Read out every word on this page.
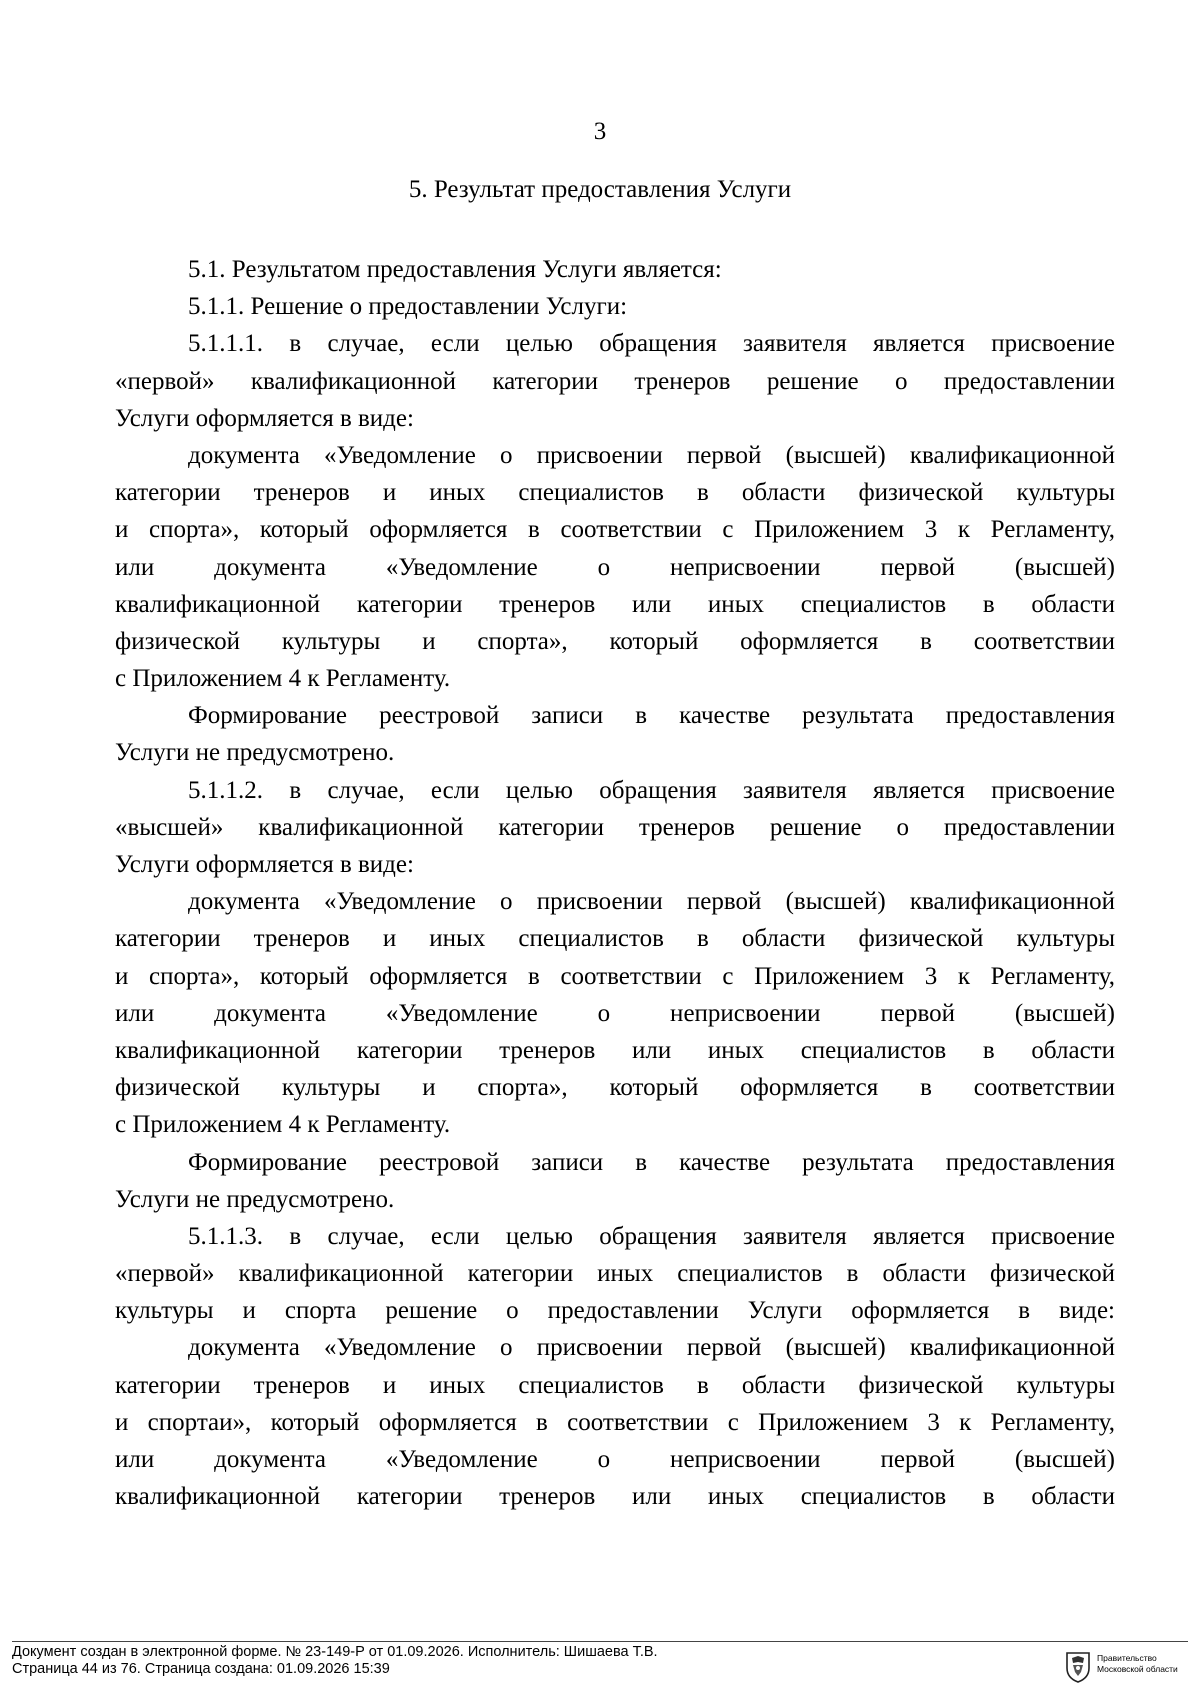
3
5. Результат предоставления Услуги
5.1. Результатом предоставления Услуги является:
5.1.1. Решение о предоставлении Услуги:
5.1.1.1. в случае, если целью обращения заявителя является присвоение
«первой» квалификационной категории тренеров решение о предоставлении
Услуги оформляется в виде:
документа «Уведомление о присвоении первой (высшей) квалификационной
категории тренеров и иных специалистов в области физической культуры
и спорта», который оформляется в соответствии с Приложением 3 к Регламенту,
или документа «Уведомление о неприсвоении первой (высшей)
квалификационной категории тренеров или иных специалистов в области
физической культуры и спорта», который оформляется в соответствии
с Приложением 4 к Регламенту.
Формирование реестровой записи в качестве результата предоставления
Услуги не предусмотрено.
5.1.1.2. в случае, если целью обращения заявителя является присвоение
«высшей» квалификационной категории тренеров решение о предоставлении
Услуги оформляется в виде:
документа «Уведомление о присвоении первой (высшей) квалификационной
категории тренеров и иных специалистов в области физической культуры
и спорта», который оформляется в соответствии с Приложением 3 к Регламенту,
или документа «Уведомление о неприсвоении первой (высшей)
квалификационной категории тренеров или иных специалистов в области
физической культуры и спорта», который оформляется в соответствии
с Приложением 4 к Регламенту.
Формирование реестровой записи в качестве результата предоставления
Услуги не предусмотрено.
5.1.1.3. в случае, если целью обращения заявителя является присвоение
«первой» квалификационной категории иных специалистов в области физической
культуры и спорта решение о предоставлении Услуги оформляется в виде:
документа «Уведомление о присвоении первой (высшей) квалификационной
категории тренеров и иных специалистов в области физической культуры
и спортаи», который оформляется в соответствии с Приложением 3 к Регламенту,
или документа «Уведомление о неприсвоении первой (высшей)
квалификационной категории тренеров или иных специалистов в области
Документ создан в электронной форме. № 23-149-Р от 01.09.2026. Исполнитель: Шишаева Т.В.
Страница 44 из 76. Страница создана: 01.09.2026 15:39
Правительство
Московской области
